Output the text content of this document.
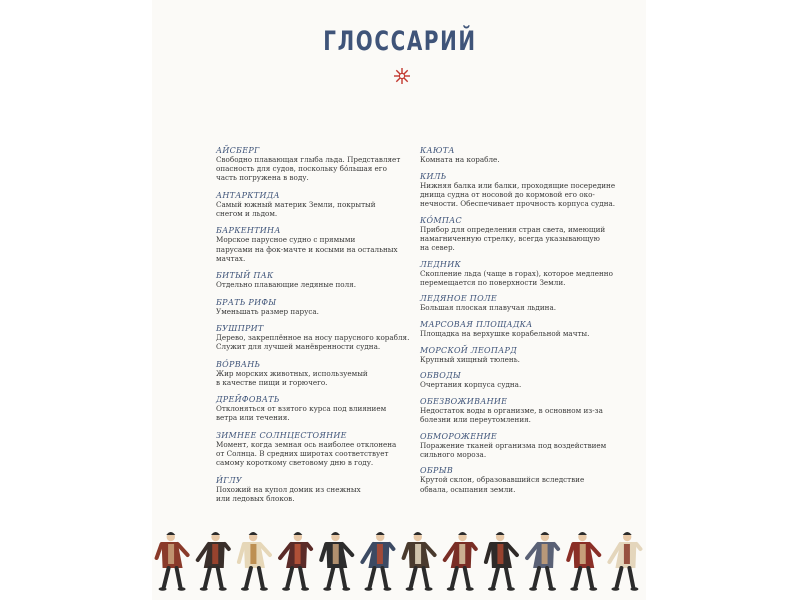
ГЛОССАРИЙ
АЙСБЕРГ
Свободно плавающая глыба льда. Представляет
опасность для судов, поскольку бо́льшая его
часть погружена в воду.
АНТАРКТИДА
Самый южный материк Земли, покрытый
снегом и льдом.
БАРКЕНТИНА
Морское парусное судно с прямыми
парусами на фок-мачте и косыми на остальных
мачтах.
БИТЫЙ ПАК
Отдельно плавающие ледяные поля.
БРАТЬ РИФЫ
Уменьшать размер паруса.
БУШПРИТ
Дерево, закреплённое на носу парусного корабля.
Служит для лучшей манёвренности судна.
ВО́РВАНЬ
Жир морских животных, используемый
в качестве пищи и горючего.
ДРЕЙФОВАТЬ
Отклоняться от взятого курса под влиянием
ветра или течения.
ЗИМНЕЕ СОЛНЦЕСТОЯНИЕ
Момент, когда земная ось наиболее отклонена
от Солнца. В средних широтах соответствует
самому короткому световому дню в году.
И́ГЛУ
Похожий на купол домик из снежных
или ледовых блоков.
КАЮТА
Комната на корабле.
КИЛЬ
Нижняя балка или балки, проходящие посередине
днища судна от носовой до кормовой его око-
нечности. Обеспечивает прочность корпуса судна.
КО́МПАС
Прибор для определения стран света, имеющий
намагниченную стрелку, всегда указывающую
на север.
ЛЕДНИК
Скопление льда (чаще в горах), которое медленно
перемещается по поверхности Земли.
ЛЕДЯНОЕ ПОЛЕ
Большая плоская плавучая льдина.
МАРСОВАЯ ПЛОЩАДКА
Площадка на верхушке корабельной мачты.
МОРСКОЙ ЛЕОПАРД
Крупный хищный тюлень.
ОБВОДЫ
Очертания корпуса судна.
ОБЕЗВОЖИВАНИЕ
Недостаток воды в организме, в основном из-за
болезни или переутомления.
ОБМОРОЖЕНИЕ
Поражение тканей организма под воздействием
сильного мороза.
ОБРЫВ
Крутой склон, образовавшийся вследствие
обвала, осыпания земли.
